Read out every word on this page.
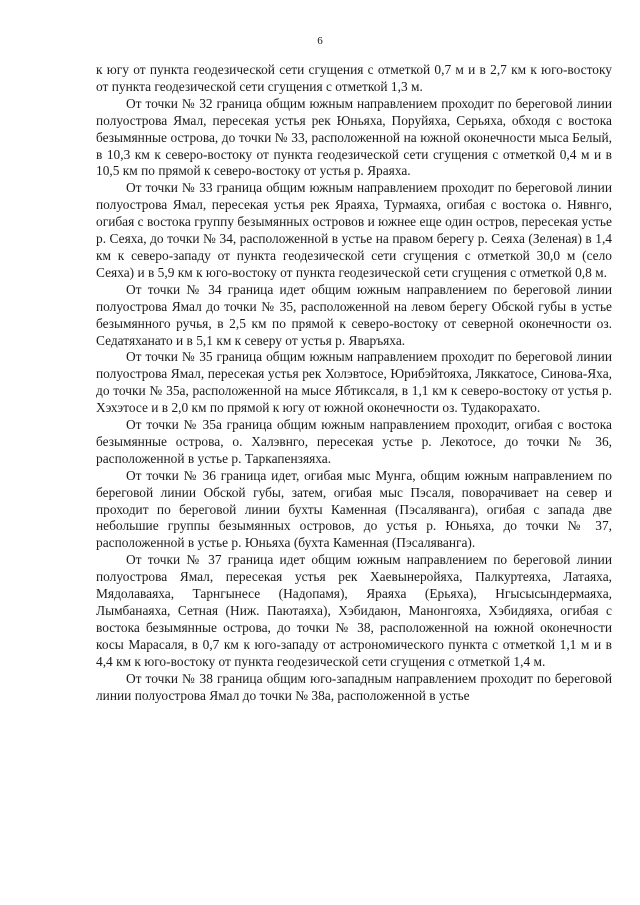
6

к югу от пункта геодезической сети сгущения с отметкой 0,7 м и в 2,7 км к юго-востоку от пункта геодезической сети сгущения с отметкой 1,3 м.

От точки № 32 граница общим южным направлением проходит по береговой линии полуострова Ямал, пересекая устья рек Юньяха, Поруйяха, Серьяха, обходя с востока безымянные острова, до точки № 33, расположенной на южной оконечности мыса Белый, в 10,3 км к северо-востоку от пункта геодезической сети сгущения с отметкой 0,4 м и в 10,5 км по прямой к северо-востоку от устья р. Яраяха.

От точки № 33 граница общим южным направлением проходит по береговой линии полуострова Ямал, пересекая устья рек Яраяха, Турмаяха, огибая с востока о. Нявнгo, огибая с востока группу безымянных островов и южнее еще один остров, пересекая устье р. Сеяха, до точки № 34, расположенной в устье на правом берегу р. Сеяха (Зеленая) в 1,4 км к северо-западу от пункта геодезической сети сгущения с отметкой 30,0 м (село Сеяха) и в 5,9 км к юго-востоку от пункта геодезической сети сгущения с отметкой 0,8 м.

От точки № 34 граница идет общим южным направлением по береговой линии полуострова Ямал до точки № 35, расположенной на левом берегу Обской губы в устье безымянного ручья, в 2,5 км по прямой к северо-востоку от северной оконечности оз. Седатяханато и в 5,1 км к северу от устья р. Яваръяха.

От точки № 35 граница общим южным направлением проходит по береговой линии полуострова Ямал, пересекая устья рек Холэвтосе, Юрибэйтояха, Ляккатосе, Синова-Яха, до точки № 35а, расположенной на мысе Ябтиксаля, в 1,1 км к северо-востоку от устья р. Хэхэтосе и в 2,0 км по прямой к югу от южной оконечности оз. Тудакорахато.

От точки № 35а граница общим южным направлением проходит, огибая с востока безымянные острова, о. Халэвнго, пересекая устье р. Лекотосе, до точки № 36, расположенной в устье р. Таркапензяяха.

От точки № 36 граница идет, огибая мыс Мунга, общим южным направлением по береговой линии Обской губы, затем, огибая мыс Пэсаля, поворачивает на север и проходит по береговой линии бухты Каменная (Пэсаляванга), огибая с запада две небольшие группы безымянных островов, до устья р. Юньяха, до точки № 37, расположенной в устье р. Юньяха (бухта Каменная (Пэсаляванга).

От точки № 37 граница идет общим южным направлением по береговой линии полуострова Ямал, пересекая устья рек Хаевынеройяха, Палкуртеяха, Латаяха, Мядолаваяха, Тарнгынесе (Надопамя), Яраяха (Ерьяха), Нгысысындермаяха, Лымбанаяха, Сетная (Ниж. Паютаяха), Хэбидаюн, Манонгояха, Хэбидяяха, огибая с востока безымянные острова, до точки № 38, расположенной на южной оконечности косы Марасаля, в 0,7 км к юго-западу от астрономического пункта с отметкой 1,1 м и в 4,4 км к юго-востоку от пункта геодезической сети сгущения с отметкой 1,4 м.

От точки № 38 граница общим юго-западным направлением проходит по береговой линии полуострова Ямал до точки № 38а, расположенной в устье
